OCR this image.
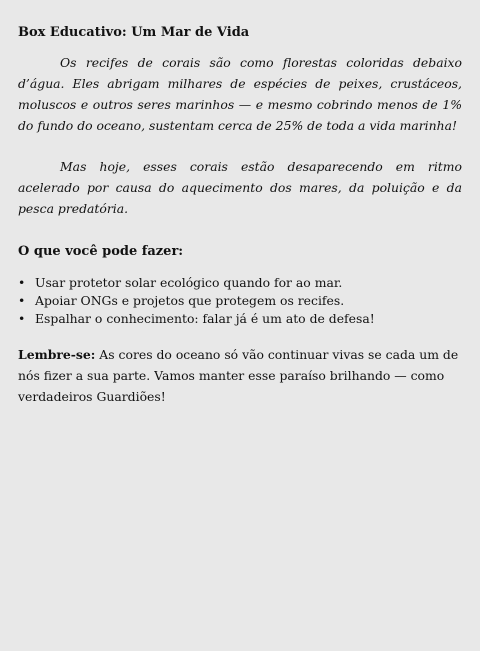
Box Educativo: Um Mar de Vida

Os recifes de corais são como florestas coloridas debaixo d’água. Eles abrigam milhares de espécies de peixes, crustáceos, moluscos e outros seres marinhos — e mesmo cobrindo menos de 1% do fundo do oceano, sustentam cerca de 25% de toda a vida marinha!

Mas hoje, esses corais estão desaparecendo em ritmo acelerado por causa do aquecimento dos mares, da poluição e da pesca predatória.

O que você pode fazer:
• Usar protetor solar ecológico quando for ao mar.
• Apoiar ONGs e projetos que protegem os recifes.
• Espalhar o conhecimento: falar já é um ato de defesa!

Lembre-se: As cores do oceano só vão continuar vivas se cada um de nós fizer a sua parte. Vamos manter esse paraíso brilhando — como verdadeiros Guardiões!
